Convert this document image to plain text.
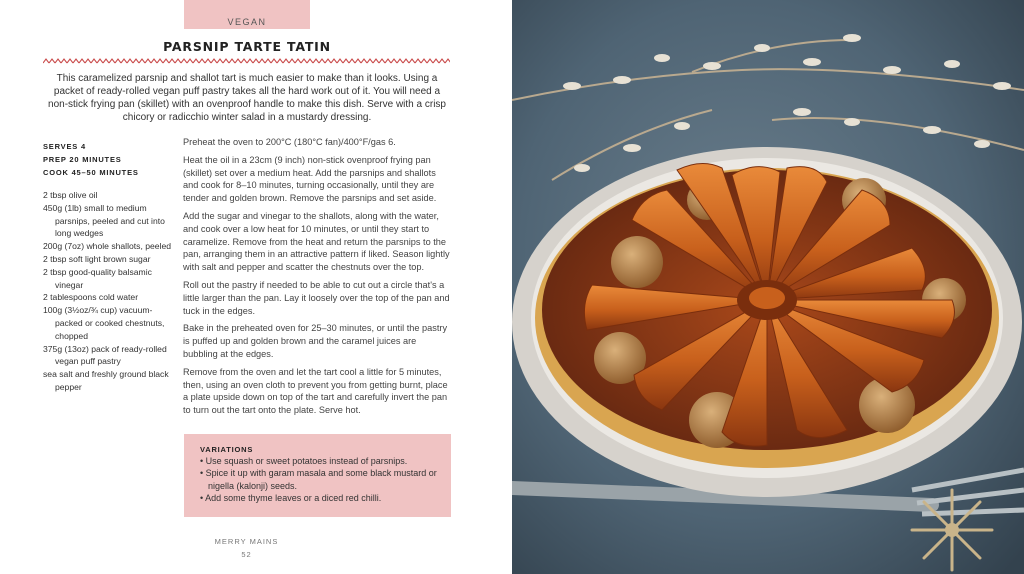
VEGAN
PARSNIP TARTE TATIN
This caramelized parsnip and shallot tart is much easier to make than it looks. Using a packet of ready-rolled vegan puff pastry takes all the hard work out of it. You will need a non-stick frying pan (skillet) with an ovenproof handle to make this dish. Serve with a crisp chicory or radicchio winter salad in a mustardy dressing.
SERVES 4
PREP 20 MINUTES
COOK 45–50 MINUTES
2 tbsp olive oil
450g (1lb) small to medium parsnips, peeled and cut into long wedges
200g (7oz) whole shallots, peeled
2 tbsp soft light brown sugar
2 tbsp good-quality balsamic vinegar
2 tablespoons cold water
100g (3½oz/¾ cup) vacuum-packed or cooked chestnuts, chopped
375g (13oz) pack of ready-rolled vegan puff pastry
sea salt and freshly ground black pepper

Preheat the oven to 200°C (180°C fan)/400°F/gas 6.

Heat the oil in a 23cm (9 inch) non-stick ovenproof frying pan (skillet) set over a medium heat. Add the parsnips and shallots and cook for 8–10 minutes, turning occasionally, until they are tender and golden brown. Remove the parsnips and set aside.

Add the sugar and vinegar to the shallots, along with the water, and cook over a low heat for 10 minutes, or until they start to caramelize. Remove from the heat and return the parsnips to the pan, arranging them in an attractive pattern if liked. Season lightly with salt and pepper and scatter the chestnuts over the top.

Roll out the pastry if needed to be able to cut out a circle that's a little larger than the pan. Lay it loosely over the top of the pan and tuck in the edges.

Bake in the preheated oven for 25–30 minutes, or until the pastry is puffed up and golden brown and the caramel juices are bubbling at the edges.

Remove from the oven and let the tart cool a little for 5 minutes, then, using an oven cloth to prevent you from getting burnt, place a plate upside down on top of the tart and carefully invert the pan to turn out the tart onto the plate. Serve hot.

VARIATIONS
• Use squash or sweet potatoes instead of parsnips.
• Spice it up with garam masala and some black mustard or nigella (kalonji) seeds.
• Add some thyme leaves or a diced red chilli.
MERRY MAINS
52
